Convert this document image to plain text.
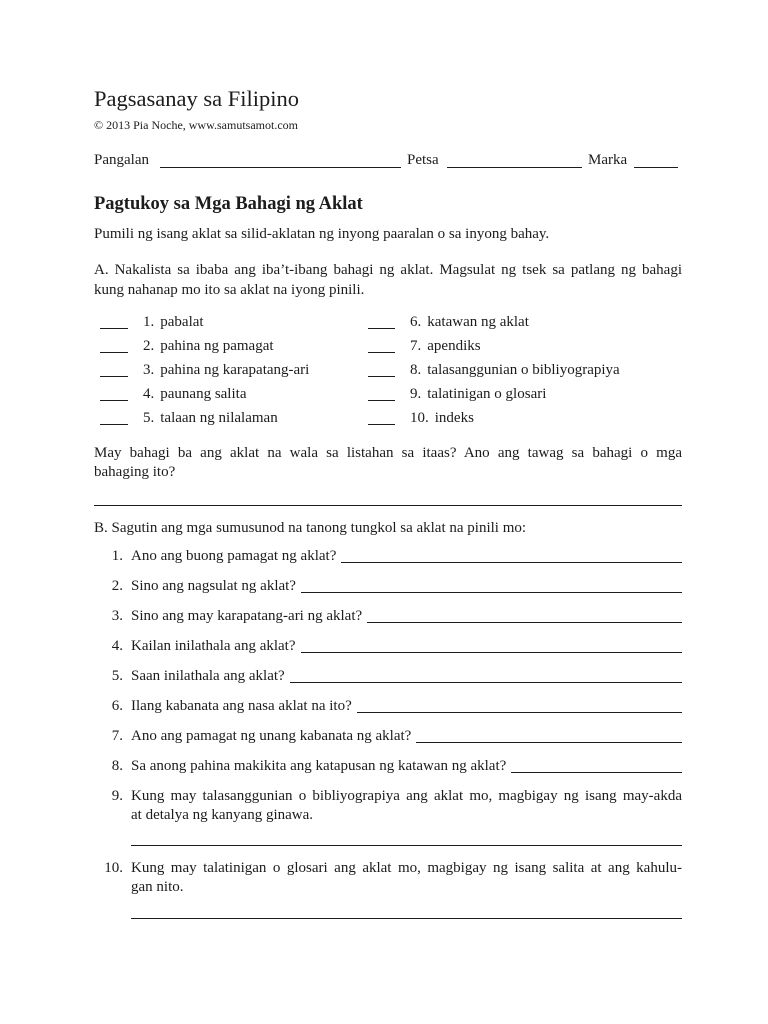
Pagsasanay sa Filipino
© 2013 Pia Noche, www.samutsamot.com
Pangalan	Petsa	Marka
Pagtukoy sa Mga Bahagi ng Aklat
Pumili ng isang aklat sa silid-aklatan ng inyong paaralan o sa inyong bahay.
A. Nakalista sa ibaba ang iba’t-ibang bahagi ng aklat. Magsulat ng tsek sa patlang ng bahagi
kung nahanap mo ito sa aklat na iyong pinili.
1. pabalat
2. pahina ng pamagat
3. pahina ng karapatang-ari
4. paunang salita
5. talaan ng nilalaman
6. katawan ng aklat
7. apendiks
8. talasanggunian o bibliyograpiya
9. talatinigan o glosari
10. indeks
May bahagi ba ang aklat na wala sa listahan sa itaas? Ano ang tawag sa bahagi o mga
bahaging ito?
B. Sagutin ang mga sumusunod na tanong tungkol sa aklat na pinili mo:
1. Ano ang buong pamagat ng aklat?
2. Sino ang nagsulat ng aklat?
3. Sino ang may karapatang-ari ng aklat?
4. Kailan inilathala ang aklat?
5. Saan inilathala ang aklat?
6. Ilang kabanata ang nasa aklat na ito?
7. Ano ang pamagat ng unang kabanata ng aklat?
8. Sa anong pahina makikita ang katapusan ng katawan ng aklat?
9. Kung may talasanggunian o bibliyograpiya ang aklat mo, magbigay ng isang may-akda
at detalya ng kanyang ginawa.
10. Kung may talatinigan o glosari ang aklat mo, magbigay ng isang salita at ang kahulu-
gan nito.
